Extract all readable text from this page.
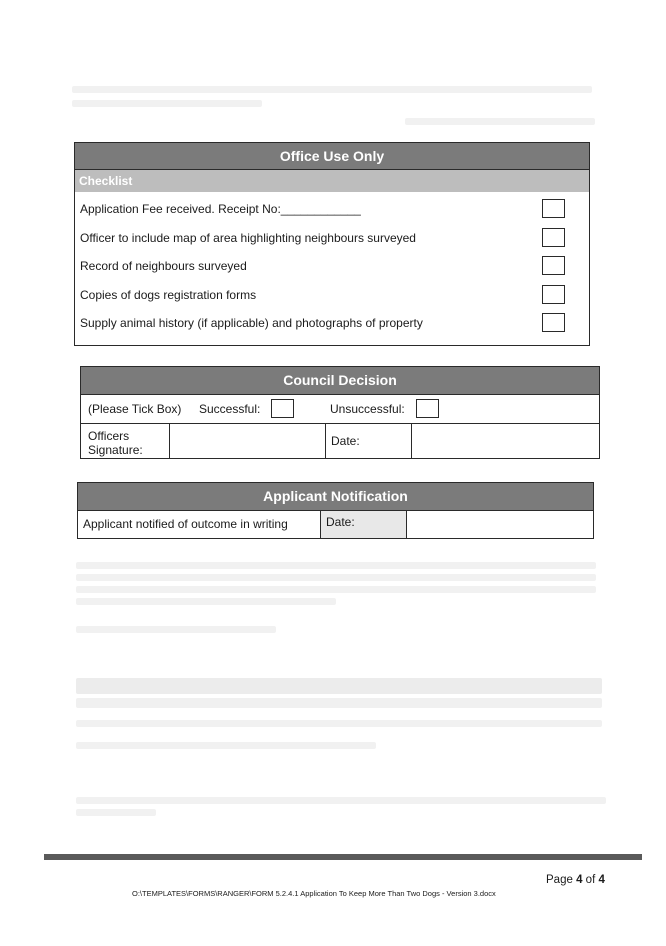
Office Use Only
Checklist
Application Fee received. Receipt No:____________
Officer to include map of area highlighting neighbours surveyed
Record of neighbours surveyed
Copies of dogs registration forms
Supply animal history (if applicable) and photographs of property
Council Decision
(Please Tick Box) Successful:	Unsuccessful:
Officers
Signature:
Date:
Applicant Notification
Applicant notified of outcome in writing	Date:
Page 4 of 4
O:\TEMPLATES\FORMS\RANGER\FORM 5.2.4.1 Application To Keep More Than Two Dogs - Version 3.docx
